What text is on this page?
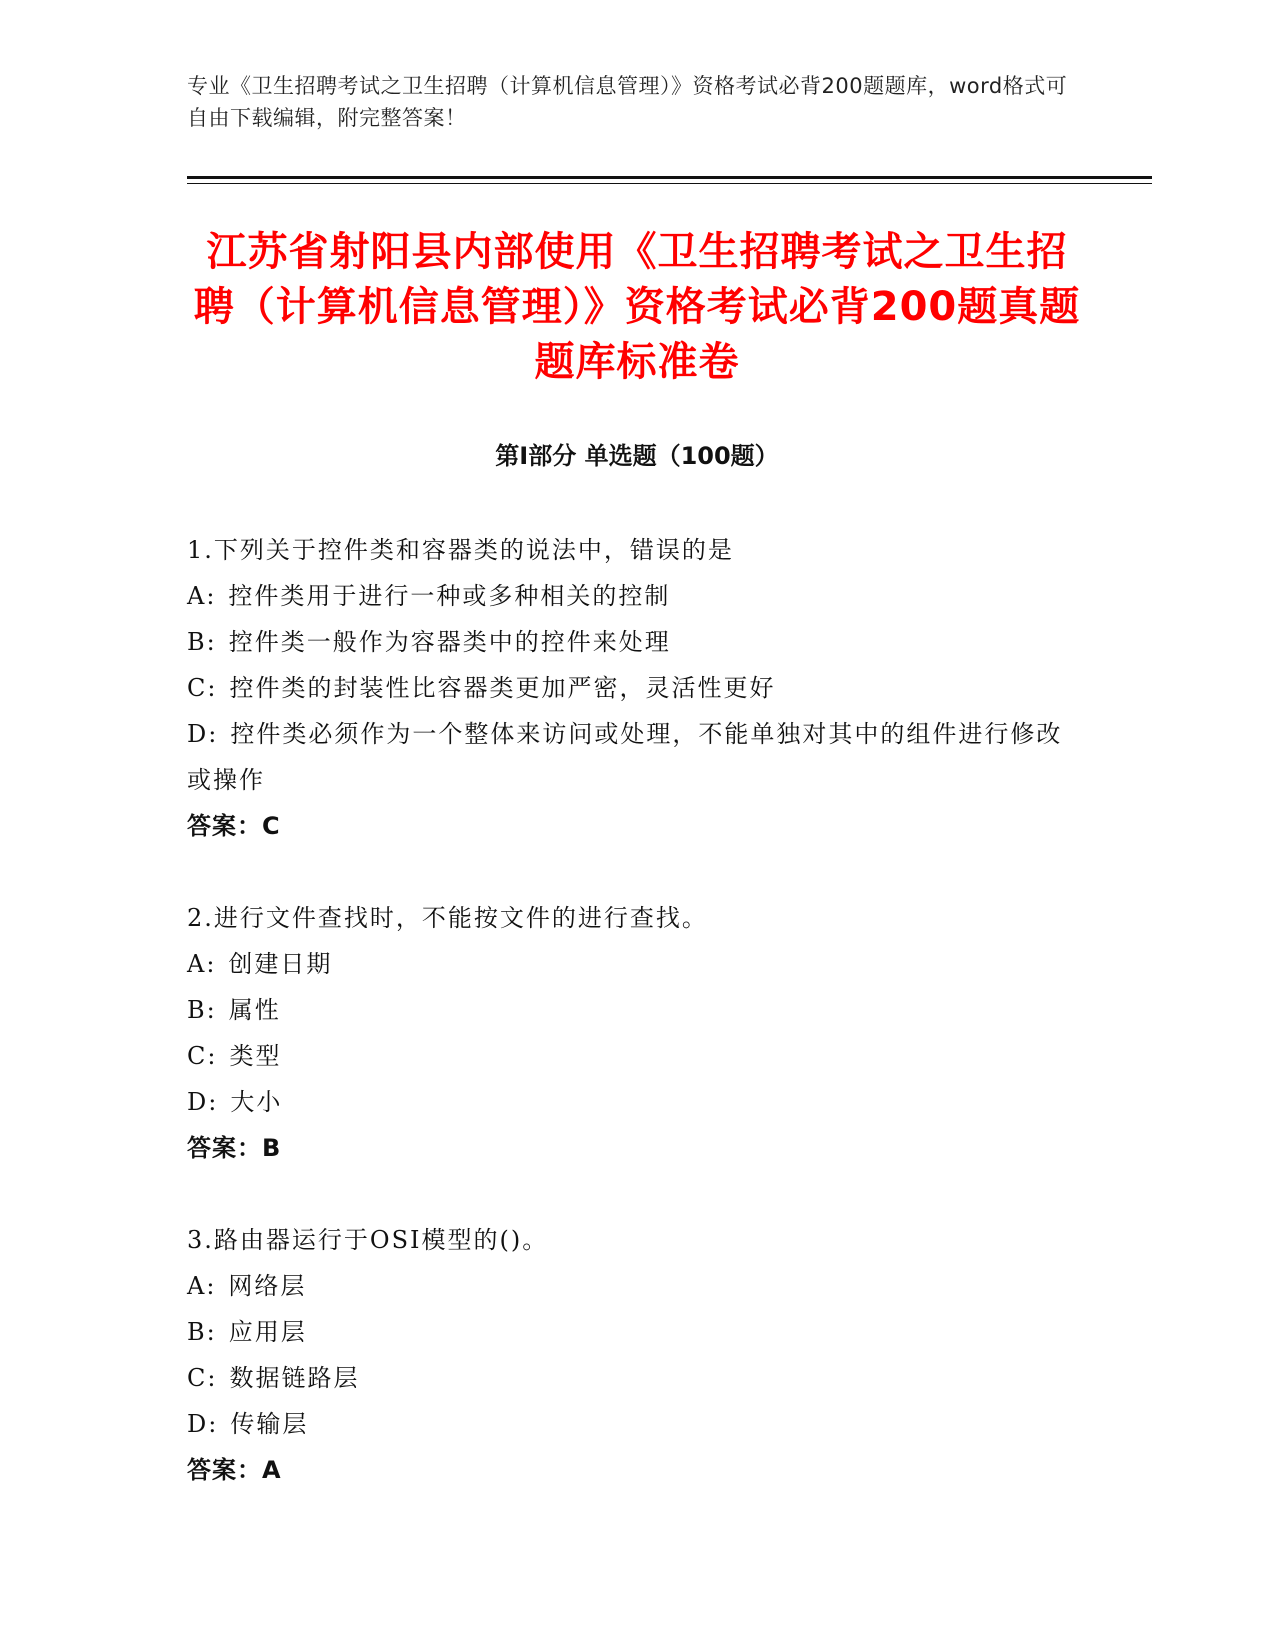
专业《卫生招聘考试之卫生招聘（计算机信息管理）》资格考试必背200题题库，word格式可自由下载编辑，附完整答案！
江苏省射阳县内部使用《卫生招聘考试之卫生招聘（计算机信息管理）》资格考试必背200题真题题库标准卷
第Ⅰ部分 单选题（100题）
1.下列关于控件类和容器类的说法中，错误的是
A: 控件类用于进行一种或多种相关的控制
B: 控件类一般作为容器类中的控件来处理
C: 控件类的封装性比容器类更加严密，灵活性更好
D: 控件类必须作为一个整体来访问或处理，不能单独对其中的组件进行修改或操作
答案：C
2.进行文件查找时，不能按文件的进行查找。
A: 创建日期
B: 属性
C: 类型
D: 大小
答案：B
3.路由器运行于OSI模型的()。
A: 网络层
B: 应用层
C: 数据链路层
D: 传输层
答案：A
